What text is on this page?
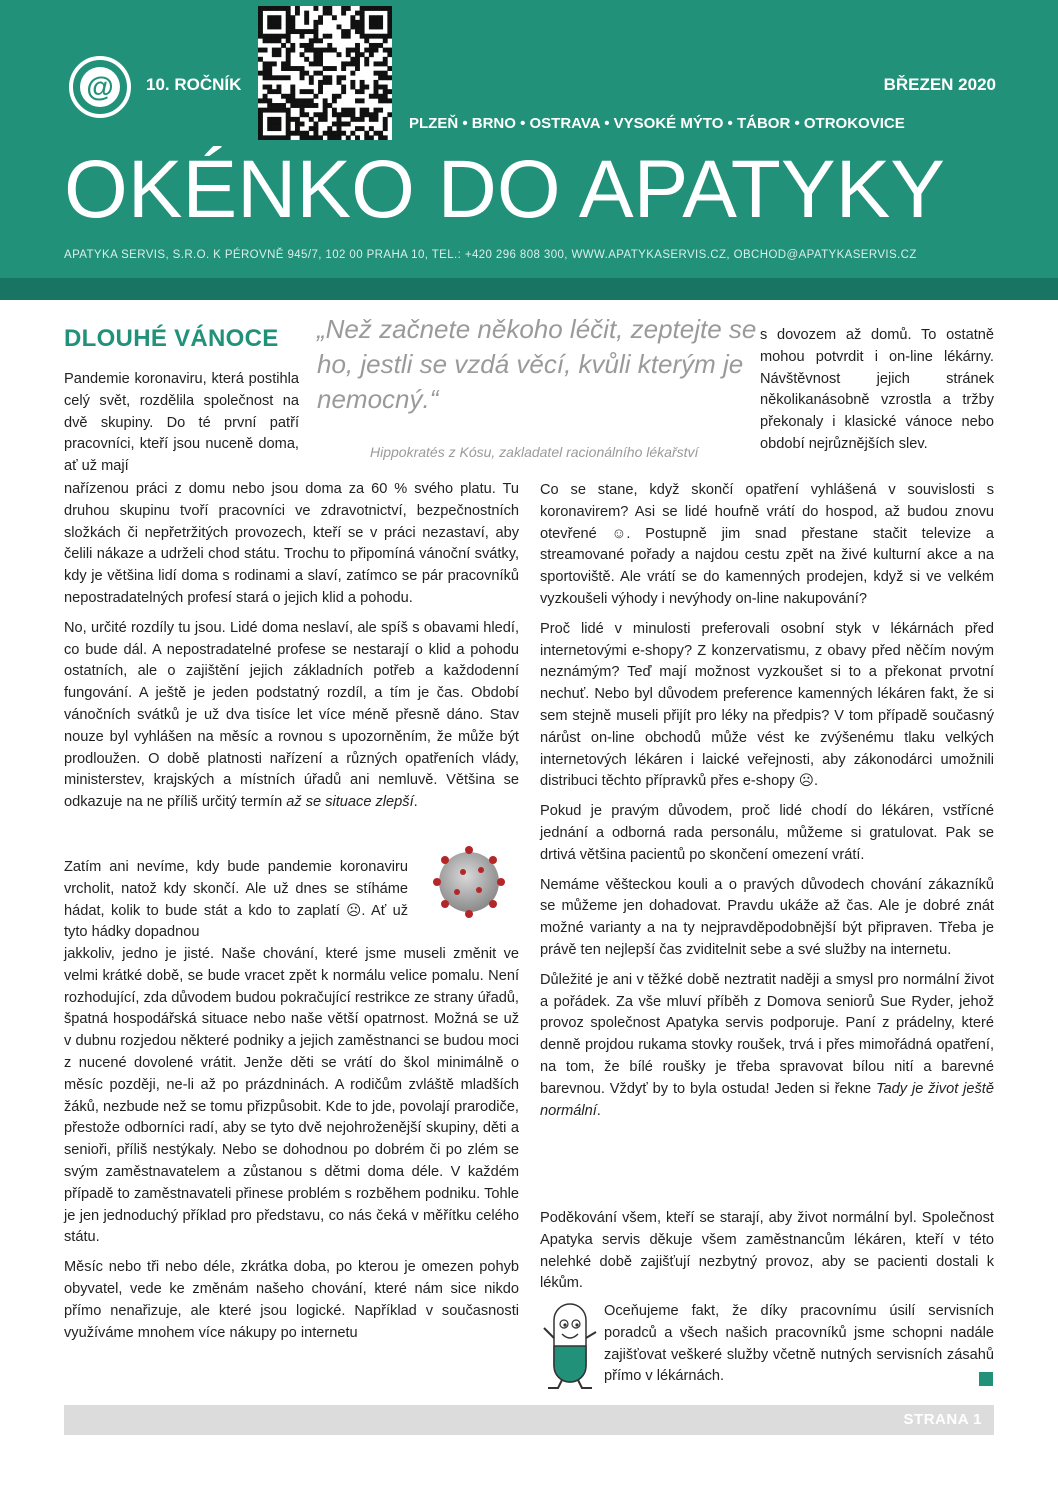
@	10. ROČNÍK	BŘEZEN 2020
PLZEŇ • BRNO • OSTRAVA • VYSOKÉ MÝTO • TÁBOR • OTROKOVICE
OKÉNKO DO APATYKY
APATYKA SERVIS, S.R.O. K PÉROVNĚ 945/7, 102 00 PRAHA 10, TEL.: +420 296 808 300, WWW.APATYKASERVIS.CZ, OBCHOD@APATYKASERVIS.CZ
DLOUHÉ VÁNOCE „Než začnete někoho léčit, zeptejte se ho, jestli se vzdá věcí, kvůli kterým je nemocný.“
Hippokratés z Kósu, zakladatel racionálního lékařství

Pandemie koronaviru, která postihla celý svět, rozdělila společnost na dvě skupiny. Do té první patří pracovníci, kteří jsou nuceně doma, ať už mají

nařízenou práci z domu nebo jsou doma za 60 % svého platu. Tu druhou skupinu tvoří pracovníci ve zdravotnictví, bezpečnostních složkách či nepřetržitých provozech, kteří se v práci nezastaví, aby čelili nákaze a udrželi chod státu. Trochu to připomíná vánoční svátky, kdy je většina lidí doma s rodinami a slaví, zatímco se pár pracovníků nepostradatelných profesí stará o jejich klid a pohodu.

No, určité rozdíly tu jsou. Lidé doma neslaví, ale spíš s obavami hledí, co bude dál. A nepostradatelné profese se nestarají o klid a pohodu ostatních, ale o zajištění jejich základních potřeb a každodenní fungování. A ještě je jeden podstatný rozdíl, a tím je čas. Období vánočních svátků je už dva tisíce let více méně přesně dáno. Stav nouze byl vyhlášen na měsíc a rovnou s upozorněním, že může být prodloužen. O době platnosti nařízení a různých opatřeních vlády, ministerstev, krajských a místních úřadů ani nemluvě. Většina se odkazuje na ne příliš určitý termín až se situace zlepší.

Zatím ani nevíme, kdy bude pandemie koronaviru vrcholit, natož kdy skončí. Ale už dnes se stíháme hádat, kolik to bude stát a kdo to zaplatí ☹. Ať už tyto hádky dopadnou

jakkoliv, jedno je jisté. Naše chování, které jsme museli změnit ve velmi krátké době, se bude vracet zpět k normálu velice pomalu. Není rozhodující, zda důvodem budou pokračující restrikce ze strany úřadů, špatná hospodářská situace nebo naše větší opatrnost. Možná se už v dubnu rozjedou některé podniky a jejich zaměstnanci se budou moci z nucené dovolené vrátit. Jenže děti se vrátí do škol minimálně o měsíc později, ne-li až po prázdninách. A rodičům zvláště mladších žáků, nezbude než se tomu přizpůsobit. Kde to jde, povolají prarodiče, přestože odborníci radí, aby se tyto dvě nejohroženější skupiny, děti a senioři, příliš nestýkaly. Nebo se dohodnou po dobrém či po zlém se svým zaměstnavatelem a zůstanou s dětmi doma déle. V každém případě to zaměstnavateli přinese problém s rozběhem podniku. Tohle je jen jednoduchý příklad pro představu, co nás čeká v měřítku celého státu.

Měsíc nebo tři nebo déle, zkrátka doba, po kterou je omezen pohyb obyvatel, vede ke změnám našeho chování, které nám sice nikdo přímo nenařizuje, ale které jsou logické. Například v současnosti využíváme mnohem více nákupy po internetu

s dovozem až domů. To ostatně mohou potvrdit i on-line lékárny. Návštěvnost jejich stránek několikanásobně vzrostla a tržby překonaly i klasické vánoce nebo období nejrůznějších slev.

Co se stane, když skončí opatření vyhlášená v souvislosti s koronavirem? Asi se lidé houfně vrátí do hospod, až budou znovu otevřené ☺. Postupně jim snad přestane stačit televize a streamované pořady a najdou cestu zpět na živé kulturní akce a na sportoviště. Ale vrátí se do kamenných prodejen, když si ve velkém vyzkoušeli výhody i nevýhody on-line nakupování?

Proč lidé v minulosti preferovali osobní styk v lékárnách před internetovými e-shopy? Z konzervatismu, z obavy před něčím novým neznámým? Teď mají možnost vyzkoušet si to a překonat prvotní nechuť. Nebo byl důvodem preference kamenných lékáren fakt, že si sem stejně museli přijít pro léky na předpis? V tom případě současný nárůst on-line obchodů může vést ke zvýšenému tlaku velkých internetových lékáren i laické veřejnosti, aby zákonodárci umožnili distribuci těchto přípravků přes e-shopy ☹.

Pokud je pravým důvodem, proč lidé chodí do lékáren, vstřícné jednání a odborná rada personálu, můžeme si gratulovat. Pak se drtivá většina pacientů po skončení omezení vrátí.

Nemáme věšteckou kouli a o pravých důvodech chování zákazníků se můžeme jen dohadovat. Pravdu ukáže až čas. Ale je dobré znát možné varianty a na ty nejpravděpodobnější být připraven. Třeba je právě ten nejlepší čas zviditelnit sebe a své služby na internetu.

Důležité je ani v těžké době neztratit naději a smysl pro normální život a pořádek. Za vše mluví příběh z Domova seniorů Sue Ryder, jehož provoz společnost Apatyka servis podporuje. Paní z prádelny, které denně projdou rukama stovky roušek, trvá i přes mimořádná opatření, na tom, že bílé roušky je třeba spravovat bílou nití a barevné barevnou. Vždyť by to byla ostuda! Jeden si řekne Tady je život ještě normální.

Poděkování všem, kteří se starají, aby život normální byl. Společnost Apatyka servis děkuje všem zaměstnancům lékáren, kteří v této nelehké době zajišťují nezbytný provoz, aby se pacienti dostali k lékům.

Oceňujeme fakt, že díky pracovnímu úsilí servisních poradců a všech našich pracovníků jsme schopni nadále zajišťovat veškeré služby včetně nutných servisních zásahů přímo v lékárnách.

STRANA 1
